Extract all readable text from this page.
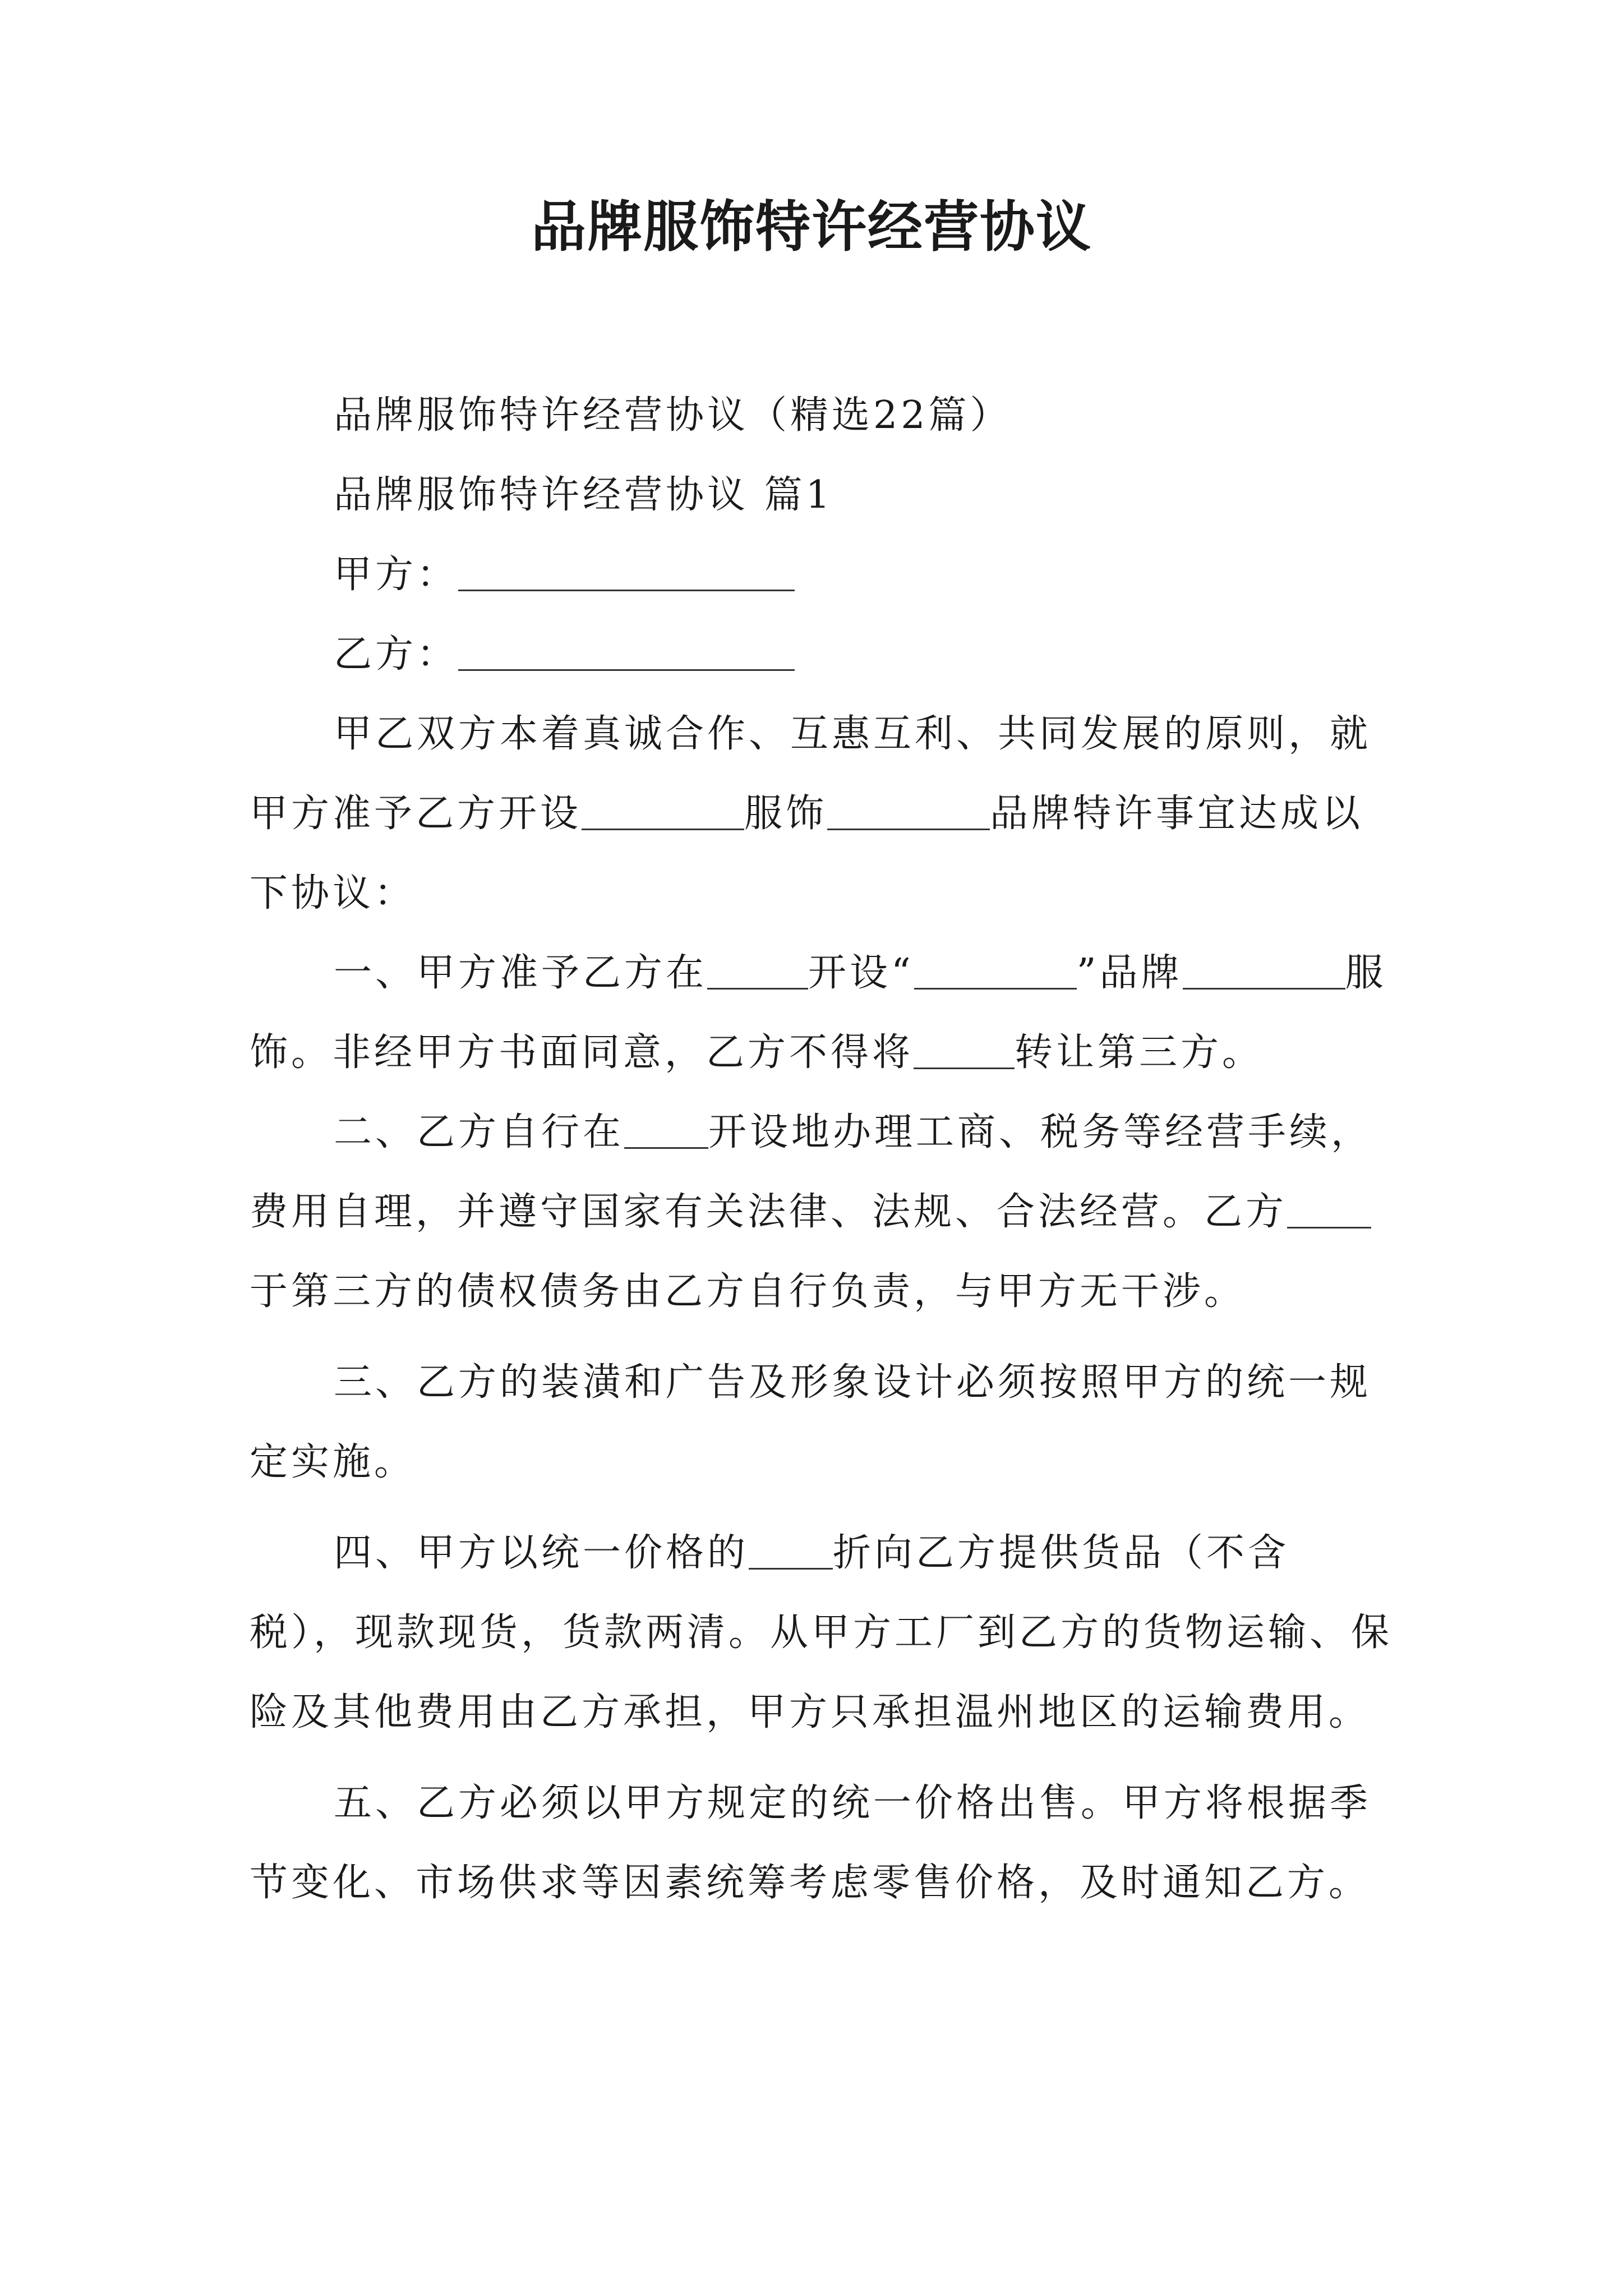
品牌服饰特许经营协议

品牌服饰特许经营协议（精选22篇）

品牌服饰特许经营协议 篇1

甲方：

乙方：

甲乙双方本着真诚合作、互惠互利、共同发展的原则，就甲方准予乙方开设	服饰	品牌特许事宜达成以下协议：

一、甲方准予乙方在	开设“	”品牌	服饰。非经甲方书面同意，乙方不得将	转让第三方。

二、乙方自行在 开设地办理工商、税务等经营手续，费用自理，并遵守国家有关法律、法规、合法经营。乙方于第三方的债权债务由乙方自行负责，与甲方无干涉。

三、乙方的装潢和广告及形象设计必须按照甲方的统一规定实施。

四、甲方以统一价格的 折向乙方提供货品（不含税），现款现货，货款两清。从甲方工厂到乙方的货物运输、保险及其他费用由乙方承担，甲方只承担温州地区的运输费用。

五、乙方必须以甲方规定的统一价格出售。甲方将根据季节变化、市场供求等因素统筹考虑零售价格，及时通知乙方。
